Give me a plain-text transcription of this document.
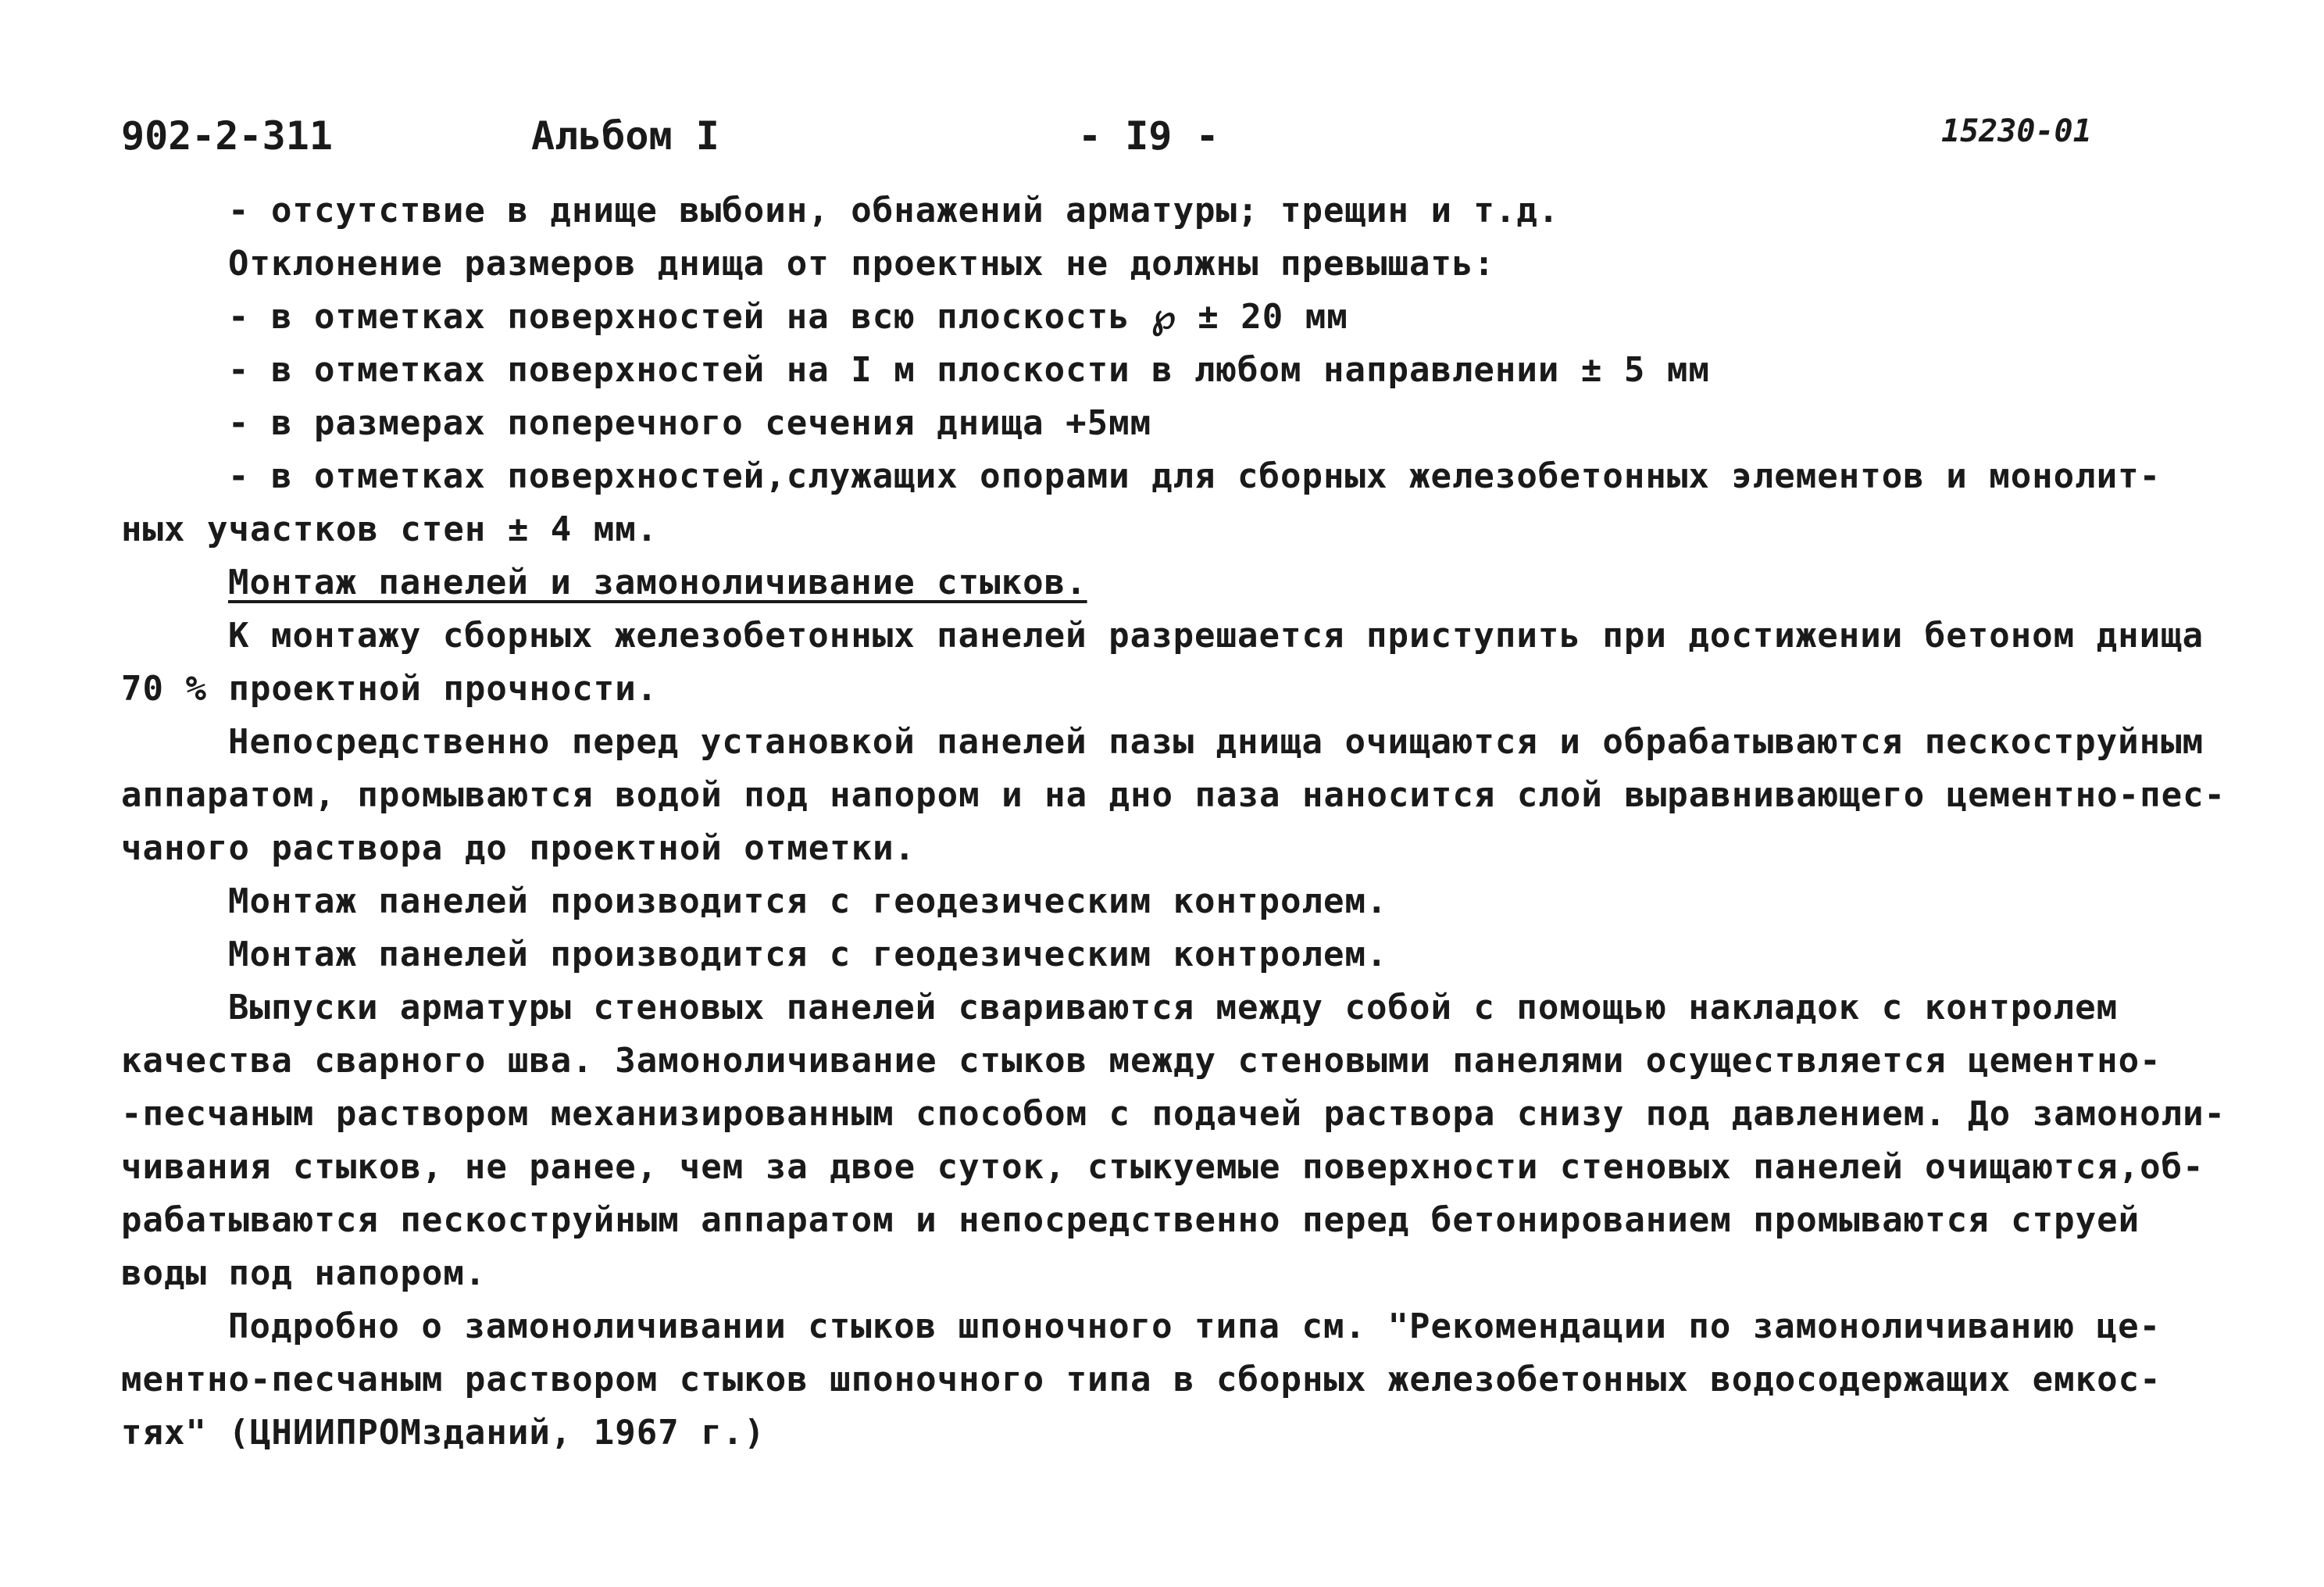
902-2-311	Альбом I	- I9 -	15230-01
- отсутствие в днище выбоин, обнажений арматуры; трещин и т.д.
Отклонение размеров днища от проектных не должны превышать:
- в отметках поверхностей на всю плоскость ℘ ± 20 мм
- в отметках поверхностей на I м плоскости в любом направлении ± 5 мм
- в размерах поперечного сечения днища +5мм
- в отметках поверхностей,служащих опорами для сборных железобетонных элементов и монолит-
ных участков стен ± 4 мм.
Монтаж панелей и замоноличивание стыков.
К монтажу сборных железобетонных панелей разрешается приступить при достижении бетоном днища
70 % проектной прочности.
Непосредственно перед установкой панелей пазы днища очищаются и обрабатываются пескоструйным
аппаратом, промываются водой под напором и на дно паза наносится слой выравнивающего цементно-пес-
чаного раствора до проектной отметки.
Монтаж панелей производится с геодезическим контролем.
Монтаж панелей производится с геодезическим контролем.
Выпуски арматуры стеновых панелей свариваются между собой с помощью накладок с контролем
качества сварного шва. Замоноличивание стыков между стеновыми панелями осуществляется цементно-
-песчаным раствором механизированным способом с подачей раствора снизу под давлением. До замоноли-
чивания стыков, не ранее, чем за двое суток, стыкуемые поверхности стеновых панелей очищаются,об-
рабатываются пескоструйным аппаратом и непосредственно перед бетонированием промываются струей
воды под напором.
Подробно о замоноличивании стыков шпоночного типа см. "Рекомендации по замоноличиванию це-
ментно-песчаным раствором стыков шпоночного типа в сборных железобетонных водосодержащих емкос-
тях" (ЦНИИПРОМзданий, 1967 г.)
